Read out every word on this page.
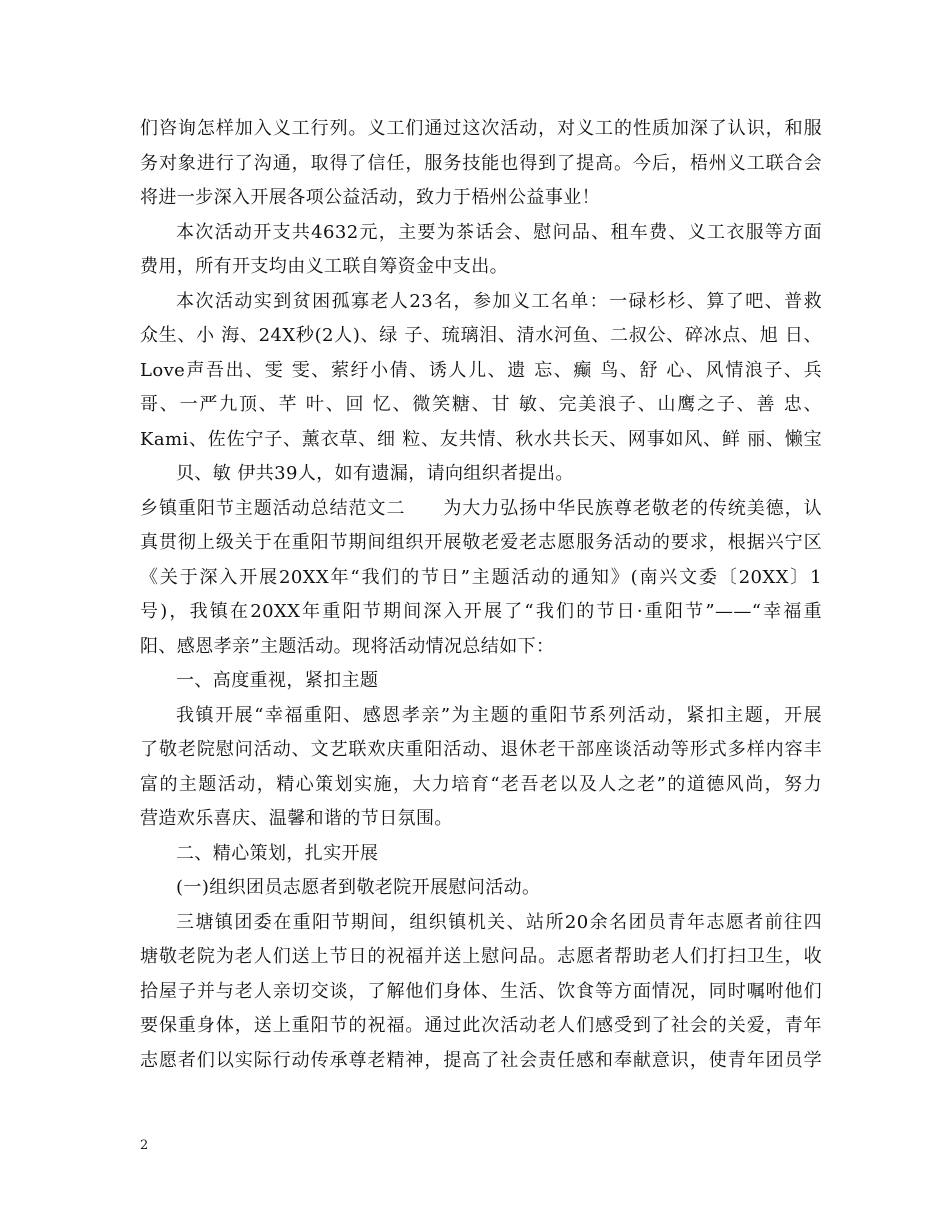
们咨询怎样加入义工行列。义工们通过这次活动，对义工的性质加深了认识，和服
务对象进行了沟通，取得了信任，服务技能也得到了提高。今后，梧州义工联合会
将进一步深入开展各项公益活动，致力于梧州公益事业！
本次活动开支共4632元，主要为茶话会、慰问品、租车费、义工衣服等方面
费用，所有开支均由义工联自筹资金中支出。
本次活动实到贫困孤寡老人23名，参加义工名单：一碌杉杉、算了吧、普救
众生、小 海、24X秒(2人)、绿 子、琉璃泪、清水河鱼、二叔公、碎冰点、旭 日、
Love声吾出、雯 雯、萦纡小倩、诱人儿、遗 忘、癫 鸟、舒 心、风情浪子、兵
哥、一严九顶、芊 叶、回 忆、微笑糖、甘 敏、完美浪子、山鹰之子、善 忠、
Kami、佐佐宁子、薰衣草、细 粒、友共情、秋水共长天、网事如风、鲜 丽、懒宝
贝、敏 伊共39人，如有遗漏，请向组织者提出。
乡镇重阳节主题活动总结范文二　　为大力弘扬中华民族尊老敬老的传统美德，认
真贯彻上级关于在重阳节期间组织开展敬老爱老志愿服务活动的要求，根据兴宁区
《关于深入开展20XX年“我们的节日”主题活动的通知》(南兴文委〔20XX〕1
号)，我镇在20XX年重阳节期间深入开展了“我们的节日·重阳节”——“幸福重
阳、感恩孝亲”主题活动。现将活动情况总结如下：
一、高度重视，紧扣主题
我镇开展“幸福重阳、感恩孝亲”为主题的重阳节系列活动，紧扣主题，开展
了敬老院慰问活动、文艺联欢庆重阳活动、退休老干部座谈活动等形式多样内容丰
富的主题活动，精心策划实施，大力培育“老吾老以及人之老”的道德风尚，努力
营造欢乐喜庆、温馨和谐的节日氛围。
二、精心策划，扎实开展
(一)组织团员志愿者到敬老院开展慰问活动。
三塘镇团委在重阳节期间，组织镇机关、站所20余名团员青年志愿者前往四
塘敬老院为老人们送上节日的祝福并送上慰问品。志愿者帮助老人们打扫卫生，收
拾屋子并与老人亲切交谈，了解他们身体、生活、饮食等方面情况，同时嘱咐他们
要保重身体，送上重阳节的祝福。通过此次活动老人们感受到了社会的关爱，青年
志愿者们以实际行动传承尊老精神，提高了社会责任感和奉献意识，使青年团员学
2
